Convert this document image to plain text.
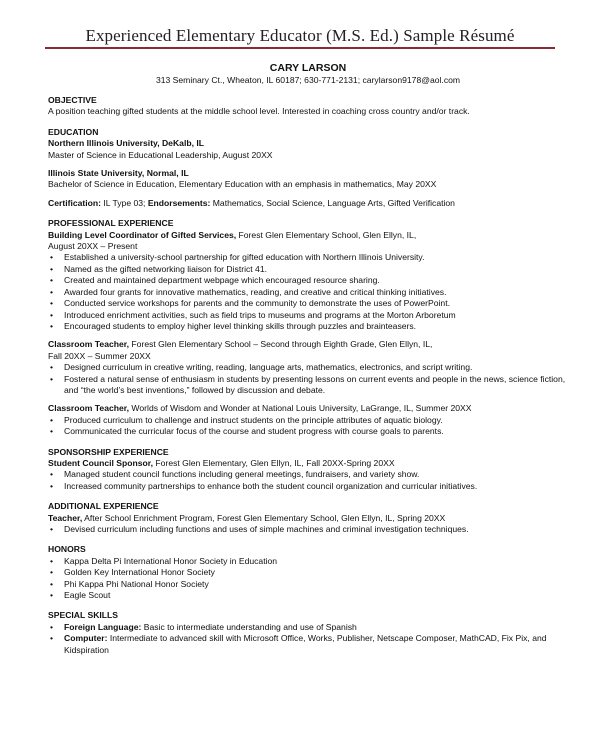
Experienced Elementary Educator (M.S. Ed.) Sample Résumé
CARY LARSON
313 Seminary Ct., Wheaton, IL 60187; 630-771-2131; carylarson9178@aol.com
OBJECTIVE
A position teaching gifted students at the middle school level. Interested in coaching cross country and/or track.
EDUCATION
Northern Illinois University, DeKalb, IL
Master of Science in Educational Leadership, August 20XX
Illinois State University, Normal, IL
Bachelor of Science in Education, Elementary Education with an emphasis in mathematics, May 20XX
Certification: IL Type 03; Endorsements: Mathematics, Social Science, Language Arts, Gifted Verification
PROFESSIONAL EXPERIENCE
Building Level Coordinator of Gifted Services, Forest Glen Elementary School, Glen Ellyn, IL,
August 20XX – Present
• Established a university-school partnership for gifted education with Northern Illinois University.
• Named as the gifted networking liaison for District 41.
• Created and maintained department webpage which encouraged resource sharing.
• Awarded four grants for innovative mathematics, reading, and creative and critical thinking initiatives.
• Conducted service workshops for parents and the community to demonstrate the uses of PowerPoint.
• Introduced enrichment activities, such as field trips to museums and programs at the Morton Arboretum
• Encouraged students to employ higher level thinking skills through puzzles and brainteasers.
Classroom Teacher, Forest Glen Elementary School – Second through Eighth Grade, Glen Ellyn, IL,
Fall 20XX – Summer 20XX
• Designed curriculum in creative writing, reading, language arts, mathematics, electronics, and script writing.
• Fostered a natural sense of enthusiasm in students by presenting lessons on current events and people in the news, science fiction, and “the world’s best inventions,” followed by discussion and debate.
Classroom Teacher, Worlds of Wisdom and Wonder at National Louis University, LaGrange, IL, Summer 20XX
• Produced curriculum to challenge and instruct students on the principle attributes of aquatic biology.
• Communicated the curricular focus of the course and student progress with course goals to parents.
SPONSORSHIP EXPERIENCE
Student Council Sponsor, Forest Glen Elementary, Glen Ellyn, IL, Fall 20XX-Spring 20XX
• Managed student council functions including general meetings, fundraisers, and variety show.
• Increased community partnerships to enhance both the student council organization and curricular initiatives.
ADDITIONAL EXPERIENCE
Teacher, After School Enrichment Program, Forest Glen Elementary School, Glen Ellyn, IL, Spring 20XX
• Devised curriculum including functions and uses of simple machines and criminal investigation techniques.
HONORS
• Kappa Delta Pi International Honor Society in Education
• Golden Key International Honor Society
• Phi Kappa Phi National Honor Society
• Eagle Scout
SPECIAL SKILLS
• Foreign Language: Basic to intermediate understanding and use of Spanish
• Computer: Intermediate to advanced skill with Microsoft Office, Works, Publisher, Netscape Composer, MathCAD, Fix Pix, and Kidspiration
